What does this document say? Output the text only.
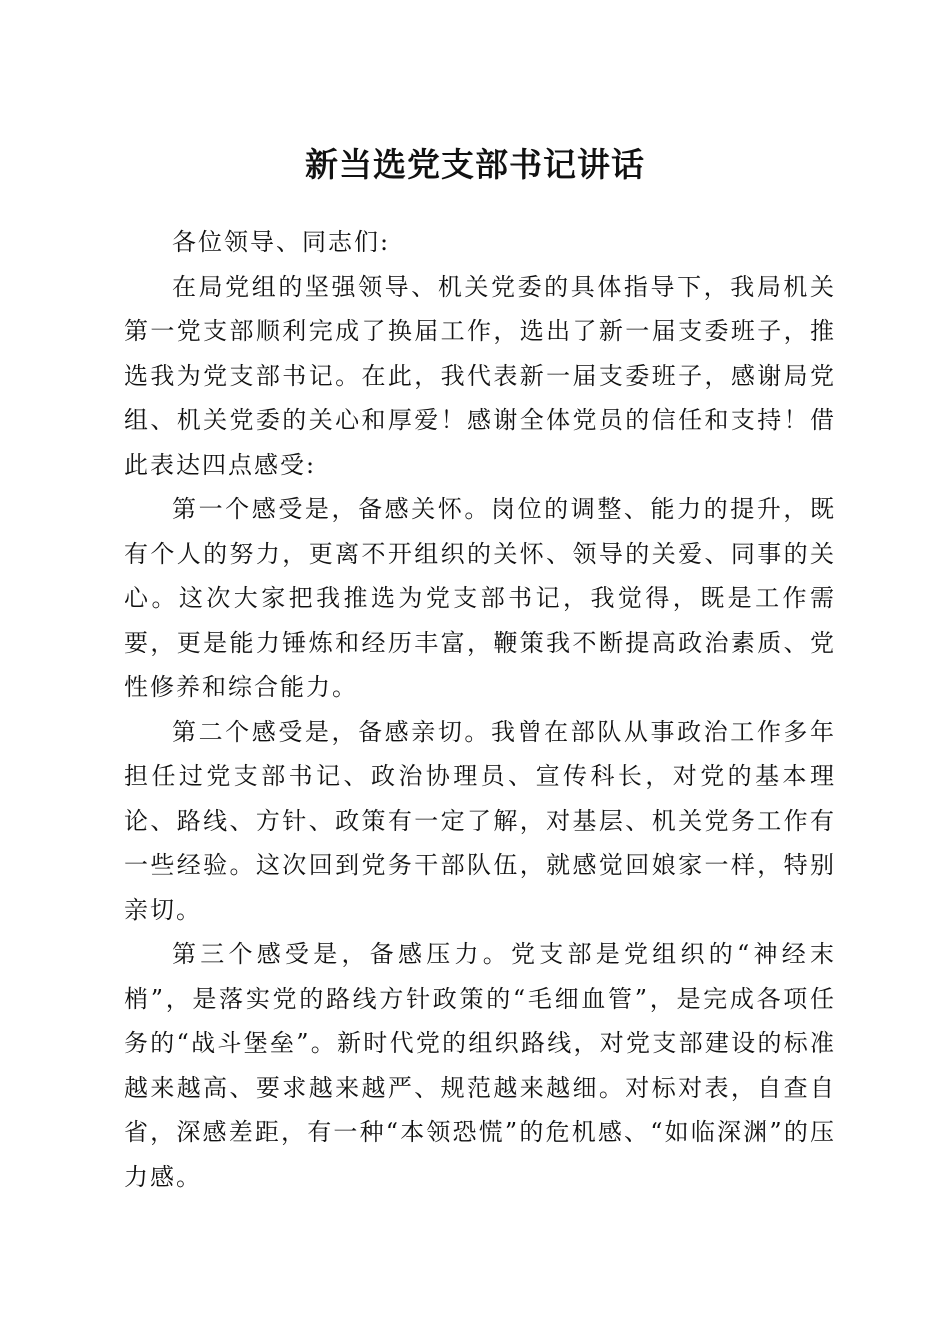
新当选党支部书记讲话

各位领导、同志们:

在局党组的坚强领导、机关党委的具体指导下，我局机关第一党支部顺利完成了换届工作，选出了新一届支委班子，推选我为党支部书记。在此，我代表新一届支委班子，感谢局党组、机关党委的关心和厚爱！感谢全体党员的信任和支持！借此表达四点感受:

第一个感受是，备感关怀。岗位的调整、能力的提升，既有个人的努力，更离不开组织的关怀、领导的关爱、同事的关心。这次大家把我推选为党支部书记，我觉得，既是工作需要，更是能力锤炼和经历丰富，鞭策我不断提高政治素质、党性修养和综合能力。

第二个感受是，备感亲切。我曾在部队从事政治工作多年担任过党支部书记、政治协理员、宣传科长，对党的基本理论、路线、方针、政策有一定了解，对基层、机关党务工作有一些经验。这次回到党务干部队伍，就感觉回娘家一样，特别亲切。

第三个感受是，备感压力。党支部是党组织的“神经末梢”，是落实党的路线方针政策的“毛细血管”，是完成各项任务的“战斗堡垒”。新时代党的组织路线，对党支部建设的标准越来越高、要求越来越严、规范越来越细。对标对表，自查自省，深感差距，有一种“本领恐慌”的危机感、“如临深渊”的压力感。
